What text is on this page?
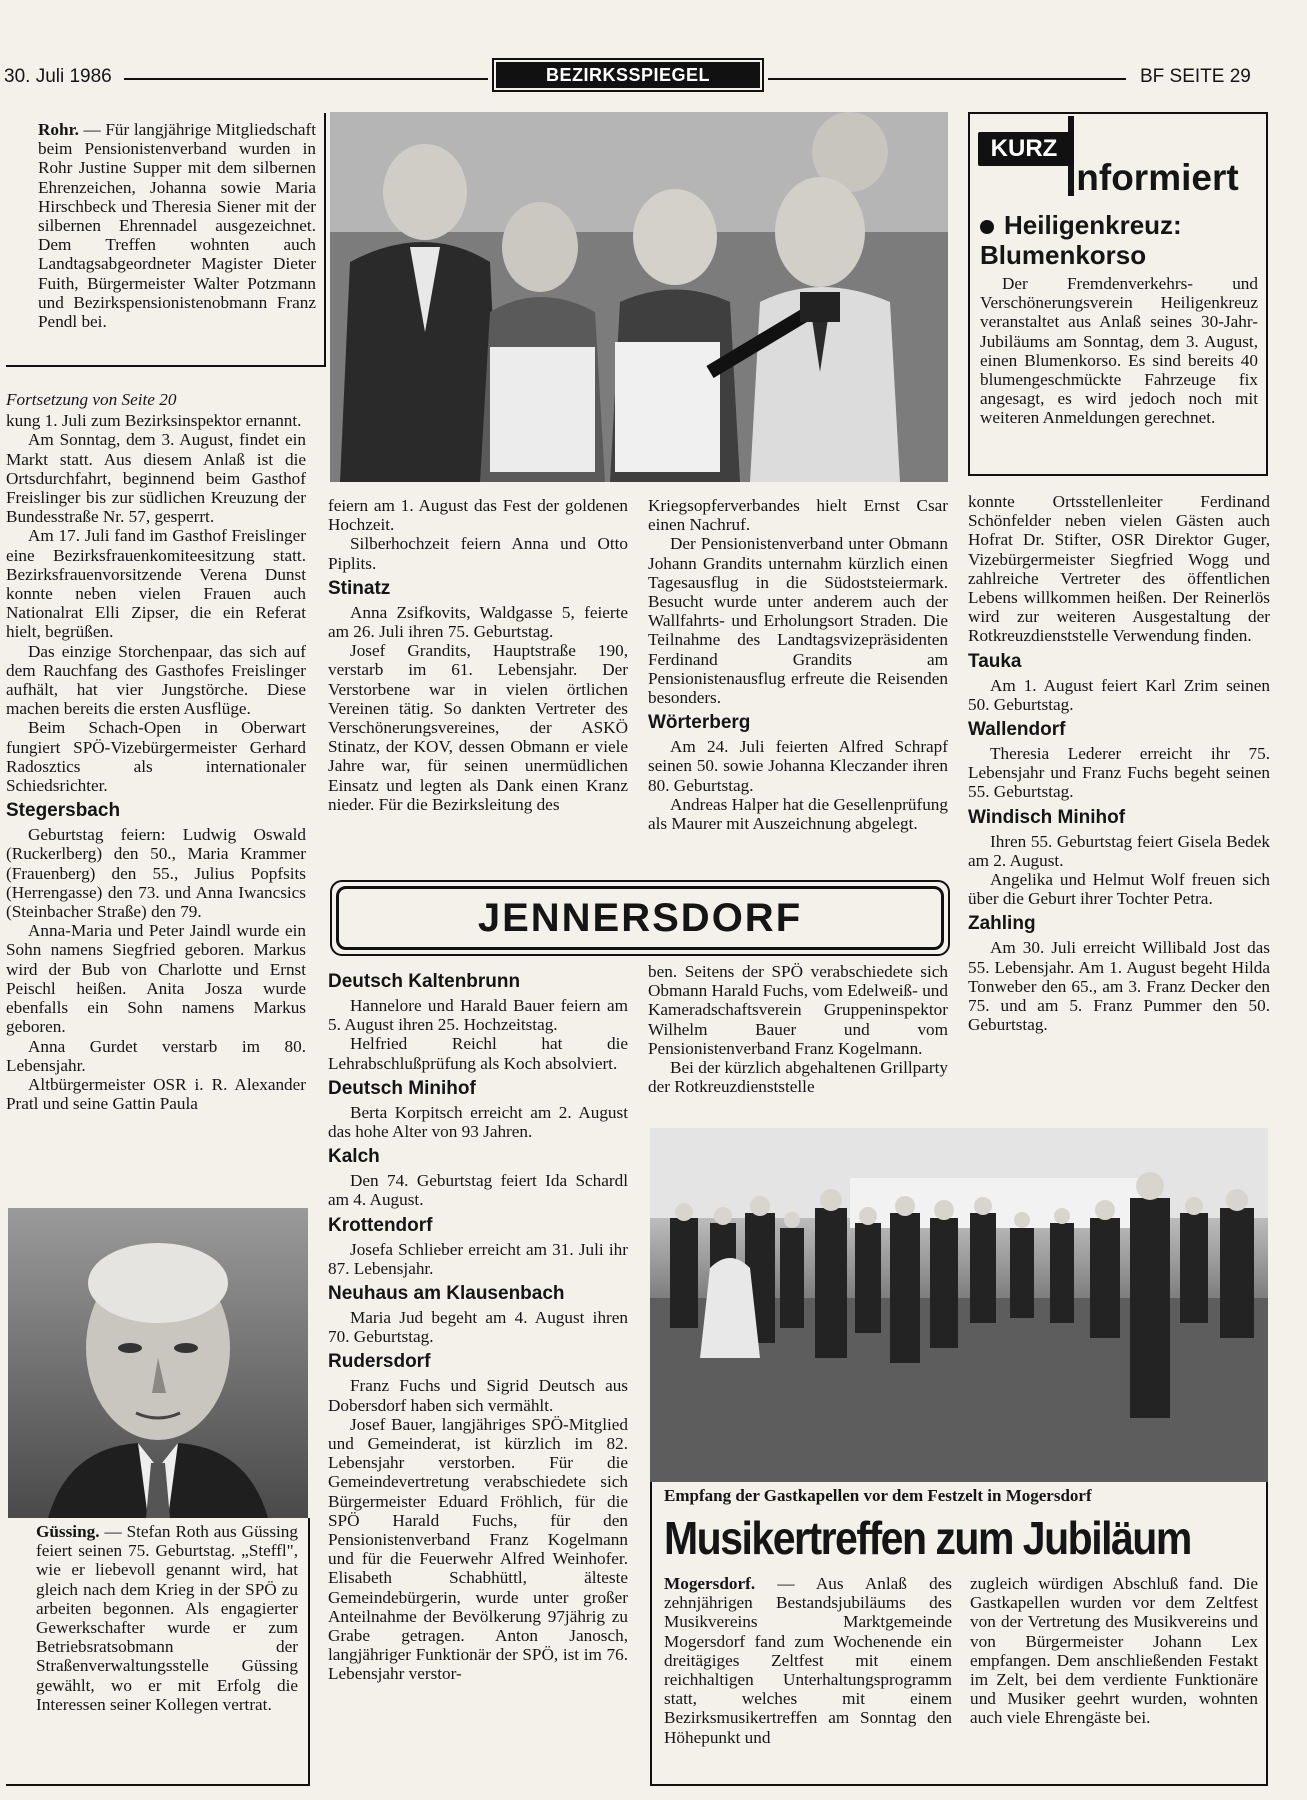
30. Juli 1986	BEZIRKSSPIEGEL	BF SEITE 29

Rohr. — Für langjährige Mitgliedschaft beim Pensionistenverband wurden in Rohr Justine Supper mit dem silbernen Ehrenzeichen, Johanna sowie Maria Hirschbeck und Theresia Siener mit der silbernen Ehrennadel ausgezeichnet. Dem Treffen wohnten auch Landtagsabgeordneter Magister Dieter Fuith, Bürgermeister Walter Potzmann und Bezirkspensionistenobmann Franz Pendl bei.

Fortsetzung von Seite 20

kung 1. Juli zum Bezirksinspektor ernannt.

Am Sonntag, dem 3. August, findet ein Markt statt. Aus diesem Anlaß ist die Ortsdurchfahrt, beginnend beim Gasthof Freislinger bis zur südlichen Kreuzung der Bundesstraße Nr. 57, gesperrt.

Am 17. Juli fand im Gasthof Freislinger eine Bezirksfrauenkomiteesitzung statt. Bezirksfrauenvorsitzende Verena Dunst konnte neben vielen Frauen auch Nationalrat Elli Zipser, die ein Referat hielt, begrüßen.

Das einzige Storchenpaar, das sich auf dem Rauchfang des Gasthofes Freislinger aufhält, hat vier Jungstörche. Diese machen bereits die ersten Ausflüge.

Beim Schach-Open in Oberwart fungiert SPÖ-Vizebürgermeister Gerhard Radosztics als internationaler Schiedsrichter.

Stegersbach

Geburtstag feiern: Ludwig Oswald (Ruckerlberg) den 50., Maria Krammer (Frauenberg) den 55., Julius Popfsits (Herrengasse) den 73. und Anna Iwancsics (Steinbacher Straße) den 79.

Anna-Maria und Peter Jaindl wurde ein Sohn namens Siegfried geboren. Markus wird der Bub von Charlotte und Ernst Peischl heißen. Anita Josza wurde ebenfalls ein Sohn namens Markus geboren.

Anna Gurdet verstarb im 80. Lebensjahr.

Altbürgermeister OSR i. R. Alexander Pratl und seine Gattin Paula

Güssing. — Stefan Roth aus Güssing feiert seinen 75. Geburtstag. „Steffl", wie er liebevoll genannt wird, hat gleich nach dem Krieg in der SPÖ zu arbeiten begonnen. Als engagierter Gewerkschafter wurde er zum Betriebsratsobmann der Straßenverwaltungsstelle Güssing gewählt, wo er mit Erfolg die Interessen seiner Kollegen vertrat.

feiern am 1. August das Fest der goldenen Hochzeit.

Silberhochzeit feiern Anna und Otto Piplits.

Stinatz

Anna Zsifkovits, Waldgasse 5, feierte am 26. Juli ihren 75. Geburtstag.

Josef Grandits, Hauptstraße 190, verstarb im 61. Lebensjahr. Der Verstorbene war in vielen örtlichen Vereinen tätig. So dankten Vertreter des Verschönerungsvereines, der ASKÖ Stinatz, der KOV, dessen Obmann er viele Jahre war, für seinen unermüdlichen Einsatz und legten als Dank einen Kranz nieder. Für die Bezirksleitung des

Kriegsopferverbandes hielt Ernst Csar einen Nachruf.

Der Pensionistenverband unter Obmann Johann Grandits unternahm kürzlich einen Tagesausflug in die Südoststeiermark. Besucht wurde unter anderem auch der Wallfahrts- und Erholungsort Straden. Die Teilnahme des Landtagsvizepräsidenten Ferdinand Grandits am Pensionistenausflug erfreute die Reisenden besonders.

Wörterberg

Am 24. Juli feierten Alfred Schrapf seinen 50. sowie Johanna Kleczander ihren 80. Geburtstag.

Andreas Halper hat die Gesellenprüfung als Maurer mit Auszeichnung abgelegt.

KURZ
Informiert
Heiligenkreuz:
Blumenkorso

Der Fremdenverkehrs- und Verschönerungsverein Heiligenkreuz veranstaltet aus Anlaß seines 30-Jahr-Jubiläums am Sonntag, dem 3. August, einen Blumenkorso. Es sind bereits 40 blumengeschmückte Fahrzeuge fix angesagt, es wird jedoch noch mit weiteren Anmeldungen gerechnet.

konnte Ortsstellenleiter Ferdinand Schönfelder neben vielen Gästen auch Hofrat Dr. Stifter, OSR Direktor Guger, Vizebürgermeister Siegfried Wogg und zahlreiche Vertreter des öffentlichen Lebens willkommen heißen. Der Reinerlös wird zur weiteren Ausgestaltung der Rotkreuzdienststelle Verwendung finden.

Tauka

Am 1. August feiert Karl Zrim seinen 50. Geburtstag.

Wallendorf

Theresia Lederer erreicht ihr 75. Lebensjahr und Franz Fuchs begeht seinen 55. Geburtstag.

Windisch Minihof

Ihren 55. Geburtstag feiert Gisela Bedek am 2. August.

Angelika und Helmut Wolf freuen sich über die Geburt ihrer Tochter Petra.

Zahling

Am 30. Juli erreicht Willibald Jost das 55. Lebensjahr. Am 1. August begeht Hilda Tonweber den 65., am 3. Franz Decker den 75. und am 5. Franz Pummer den 50. Geburtstag.

JENNERSDORF
Deutsch Kaltenbrunn

Hannelore und Harald Bauer feiern am 5. August ihren 25. Hochzeitstag.

Helfried Reichl hat die Lehrabschlußprüfung als Koch absolviert.

Deutsch Minihof

Berta Korpitsch erreicht am 2. August das hohe Alter von 93 Jahren.

Kalch

Den 74. Geburtstag feiert Ida Schardl am 4. August.

Krottendorf

Josefa Schlieber erreicht am 31. Juli ihr 87. Lebensjahr.

Neuhaus am Klausenbach

Maria Jud begeht am 4. August ihren 70. Geburtstag.

Rudersdorf

Franz Fuchs und Sigrid Deutsch aus Dobersdorf haben sich vermählt.

Josef Bauer, langjähriges SPÖ-Mitglied und Gemeinderat, ist kürzlich im 82. Lebensjahr verstorben. Für die Gemeindevertretung verabschiedete sich Bürgermeister Eduard Fröhlich, für die SPÖ Harald Fuchs, für den Pensionistenverband Franz Kogelmann und für die Feuerwehr Alfred Weinhofer. Elisabeth Schabhüttl, älteste Gemeindebürgerin, wurde unter großer Anteilnahme der Bevölkerung 97jährig zu Grabe getragen. Anton Janosch, langjähriger Funktionär der SPÖ, ist im 76. Lebensjahr verstor-

ben. Seitens der SPÖ verabschiedete sich Obmann Harald Fuchs, vom Edelweiß- und Kameradschaftsverein Gruppeninspektor Wilhelm Bauer und vom Pensionistenverband Franz Kogelmann.

Bei der kürzlich abgehaltenen Grillparty der Rotkreuzdienststelle

Empfang der Gastkapellen vor dem Festzelt in Mogersdorf
Musikertreffen zum Jubiläum

Mogersdorf. — Aus Anlaß des zehnjährigen Bestandsjubiläums des Musikvereins Marktgemeinde Mogersdorf fand zum Wochenende ein dreitägiges Zeltfest mit einem reichhaltigen Unterhaltungsprogramm statt, welches mit einem Bezirksmusikertreffen am Sonntag den Höhepunkt und

zugleich würdigen Abschluß fand. Die Gastkapellen wurden vor dem Zeltfest von der Vertretung des Musikvereins und von Bürgermeister Johann Lex empfangen. Dem anschließenden Festakt im Zelt, bei dem verdiente Funktionäre und Musiker geehrt wurden, wohnten auch viele Ehrengäste bei.
